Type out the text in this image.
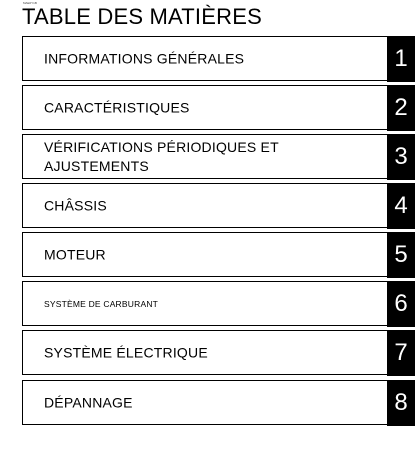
MAE0Y1B
TABLE DES MATIÈRES
INFORMATIONS GÉNÉRALES	1
CARACTÉRISTIQUES	2
VÉRIFICATIONS PÉRIODIQUES ET AJUSTEMENTS	3
CHÂSSIS	4
MOTEUR	5
SYSTÈME DE CARBURANT	6
SYSTÈME ÉLECTRIQUE	7
DÉPANNAGE	8
